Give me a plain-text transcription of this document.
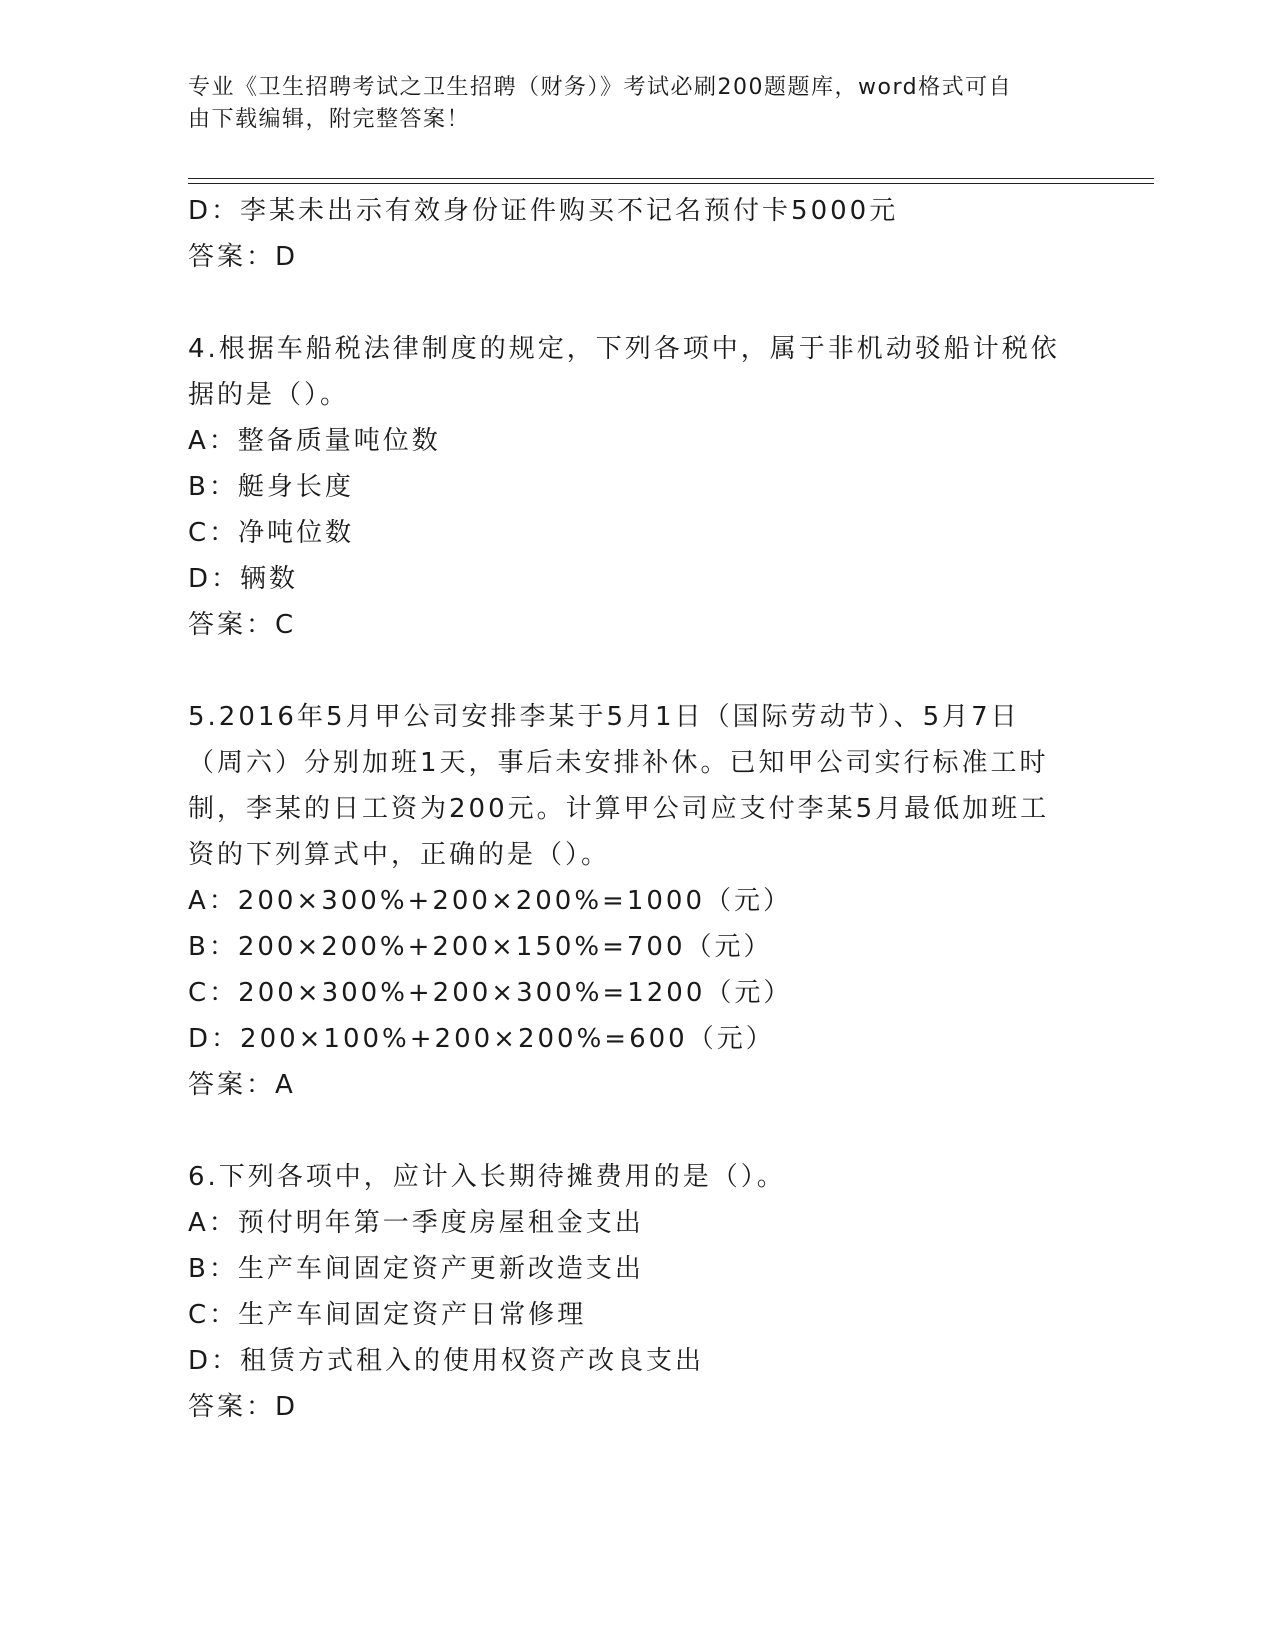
专业《卫生招聘考试之卫生招聘（财务）》考试必刷200题题库，word格式可自
由下载编辑，附完整答案！
D：李某未出示有效身份证件购买不记名预付卡5000元
答案：D
4.根据车船税法律制度的规定，下列各项中，属于非机动驳船计税依
据的是（）。
A：整备质量吨位数
B：艇身长度
C：净吨位数
D：辆数
答案：C
5.2016年5月甲公司安排李某于5月1日（国际劳动节）、5月7日
（周六）分别加班1天，事后未安排补休。已知甲公司实行标准工时
制，李某的日工资为200元。计算甲公司应支付李某5月最低加班工
资的下列算式中，正确的是（）。
A：200×300%+200×200%=1000（元）
B：200×200%+200×150%=700（元）
C：200×300%+200×300%=1200（元）
D：200×100%+200×200%=600（元）
答案：A
6.下列各项中，应计入长期待摊费用的是（）。
A：预付明年第一季度房屋租金支出
B：生产车间固定资产更新改造支出
C：生产车间固定资产日常修理
D：租赁方式租入的使用权资产改良支出
答案：D
